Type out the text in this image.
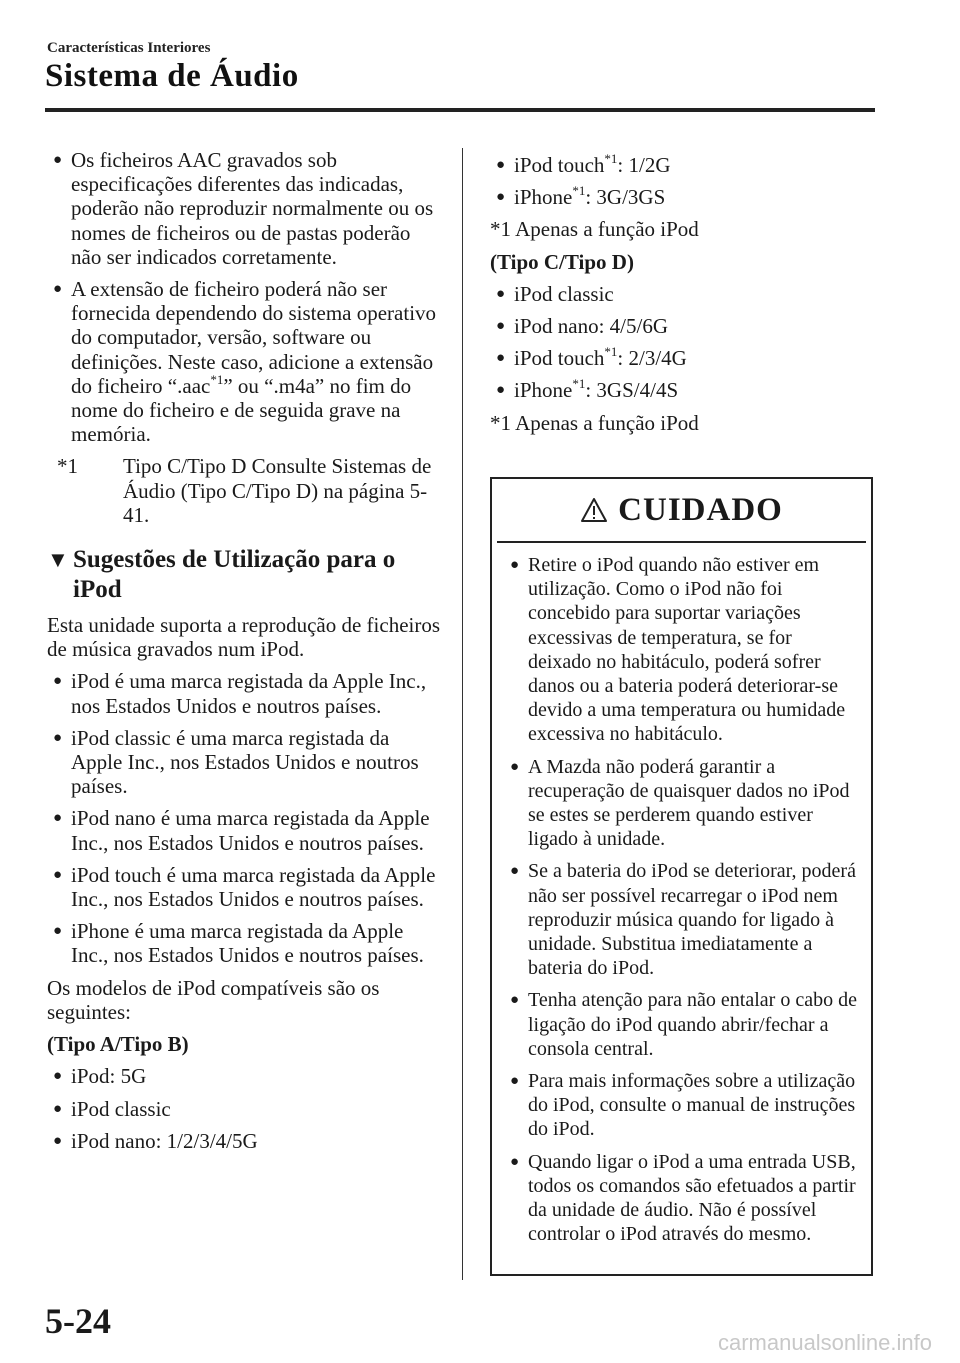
Características Interiores
Sistema de Áudio
● Os ficheiros AAC gravados sob especificações diferentes das indicadas, poderão não reproduzir normalmente ou os nomes de ficheiros ou de pastas poderão não ser indicados corretamente.
● A extensão de ficheiro poderá não ser fornecida dependendo do sistema operativo do computador, versão, software ou definições. Neste caso, adicione a extensão do ficheiro “.aac$^{*1}$” ou “.m4a” no fim do nome do ficheiro e de seguida grave na memória.
*1 Tipo C/Tipo D Consulte Sistemas de Áudio (Tipo C/Tipo D) na página 5-41.
▼ Sugestões de Utilização para o iPod

Esta unidade suporta a reprodução de ficheiros de música gravados num iPod.

● iPod é uma marca registada da Apple Inc., nos Estados Unidos e noutros países.
● iPod classic é uma marca registada da Apple Inc., nos Estados Unidos e noutros países.
● iPod nano é uma marca registada da Apple Inc., nos Estados Unidos e noutros países.
● iPod touch é uma marca registada da Apple Inc., nos Estados Unidos e noutros países.
● iPhone é uma marca registada da Apple Inc., nos Estados Unidos e noutros países.

Os modelos de iPod compatíveis são os seguintes:

(Tipo A/Tipo B)

● iPod: 5G
● iPod classic
● iPod nano: 1/2/3/4/5G
● iPod touch$^{*1}$: 1/2G
● iPhone$^{*1}$: 3G/3GS

*1 Apenas a função iPod

(Tipo C/Tipo D)

● iPod classic
● iPod nano: 4/5/6G
● iPod touch$^{*1}$: 2/3/4G
● iPhone$^{*1}$: 3GS/4/4S

*1 Apenas a função iPod

CUIDADO
● Retire o iPod quando não estiver em utilização. Como o iPod não foi concebido para suportar variações excessivas de temperatura, se for deixado no habitáculo, poderá sofrer danos ou a bateria poderá deteriorar-se devido a uma temperatura ou humidade excessiva no habitáculo.
● A Mazda não poderá garantir a recuperação de quaisquer dados no iPod se estes se perderem quando estiver ligado à unidade.
● Se a bateria do iPod se deteriorar, poderá não ser possível recarregar o iPod nem reproduzir música quando for ligado à unidade. Substitua imediatamente a bateria do iPod.
● Tenha atenção para não entalar o cabo de ligação do iPod quando abrir/fechar a consola central.
● Para mais informações sobre a utilização do iPod, consulte o manual de instruções do iPod.
● Quando ligar o iPod a uma entrada USB, todos os comandos são efetuados a partir da unidade de áudio. Não é possível controlar o iPod através do mesmo.
5-24
carmanualsonline.info
